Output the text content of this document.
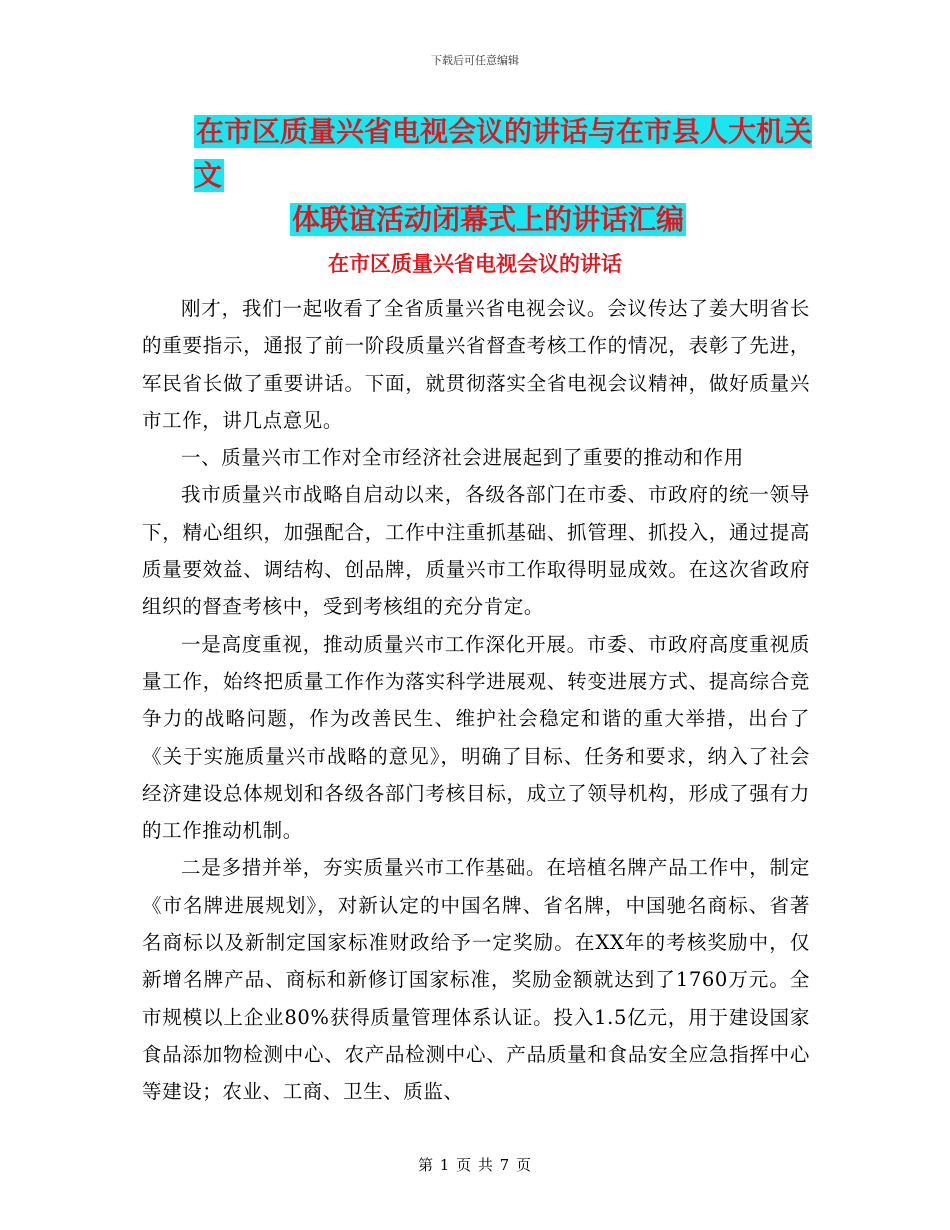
下载后可任意编辑
在市区质量兴省电视会议的讲话与在市县人大机关文
体联谊活动闭幕式上的讲话汇编
在市区质量兴省电视会议的讲话

刚才，我们一起收看了全省质量兴省电视会议。会议传达了姜大明省长的重要指示，通报了前一阶段质量兴省督查考核工作的情况，表彰了先进，军民省长做了重要讲话。下面，就贯彻落实全省电视会议精神，做好质量兴市工作，讲几点意见。

一、质量兴市工作对全市经济社会进展起到了重要的推动和作用

我市质量兴市战略自启动以来，各级各部门在市委、市政府的统一领导下，精心组织，加强配合，工作中注重抓基础、抓管理、抓投入，通过提高质量要效益、调结构、创品牌，质量兴市工作取得明显成效。在这次省政府组织的督查考核中，受到考核组的充分肯定。

一是高度重视，推动质量兴市工作深化开展。市委、市政府高度重视质量工作，始终把质量工作作为落实科学进展观、转变进展方式、提高综合竞争力的战略问题，作为改善民生、维护社会稳定和谐的重大举措，出台了《关于实施质量兴市战略的意见》，明确了目标、任务和要求，纳入了社会经济建设总体规划和各级各部门考核目标，成立了领导机构，形成了强有力的工作推动机制。

二是多措并举，夯实质量兴市工作基础。在培植名牌产品工作中，制定《市名牌进展规划》，对新认定的中国名牌、省名牌，中国驰名商标、省著名商标以及新制定国家标准财政给予一定奖励。在XX年的考核奖励中，仅新增名牌产品、商标和新修订国家标准，奖励金额就达到了1760万元。全市规模以上企业80%获得质量管理体系认证。投入1.5亿元，用于建设国家食品添加物检测中心、农产品检测中心、产品质量和食品安全应急指挥中心等建设；农业、工商、卫生、质监、

第 1 页 共 7 页
